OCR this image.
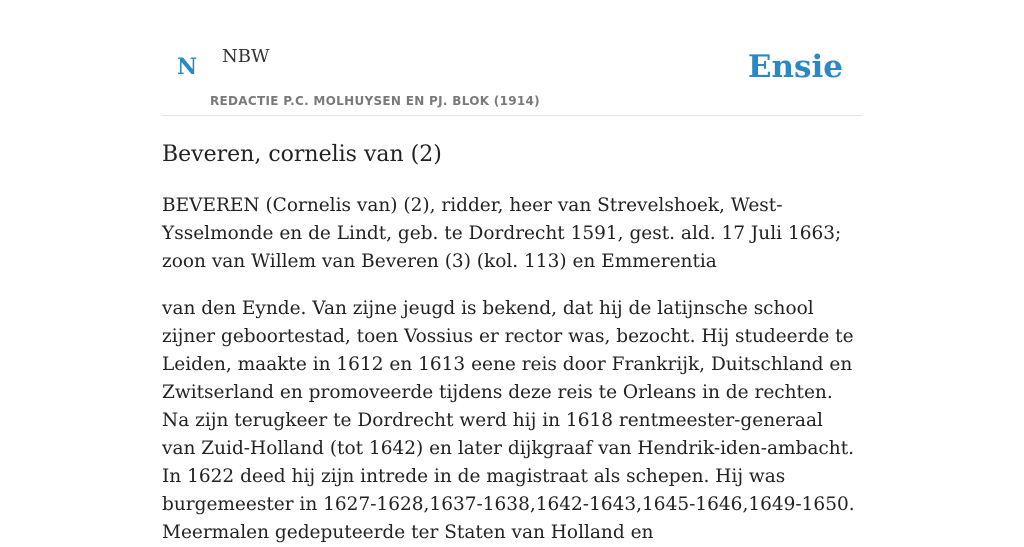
N NBW
REDACTIE P.C. MOLHUYSEN EN PJ. BLOK (1914)
Ensie
Beveren, cornelis van (2)

BEVEREN (Cornelis van) (2), ridder, heer van Strevelshoek, West-Ysselmonde en de Lindt, geb. te Dordrecht 1591, gest. ald. 17 Juli 1663; zoon van Willem van Beveren (3) (kol. 113) en Emmerentia

van den Eynde. Van zijne jeugd is bekend, dat hij de latijnsche school zijner geboortestad, toen Vossius er rector was, bezocht. Hij studeerde te Leiden, maakte in 1612 en 1613 eene reis door Frankrijk, Duitschland en Zwitserland en promoveerde tijdens deze reis te Orleans in de rechten. Na zijn terugkeer te Dordrecht werd hij in 1618 rentmeester-generaal van Zuid-Holland (tot 1642) en later dijkgraaf van Hendrik-iden-ambacht. In 1622 deed hij zijn intrede in de magistraat als schepen. Hij was burgemeester in 1627-1628,1637-1638,1642-1643,1645-1646,1649-1650. Meermalen gedeputeerde ter Staten van Holland en
